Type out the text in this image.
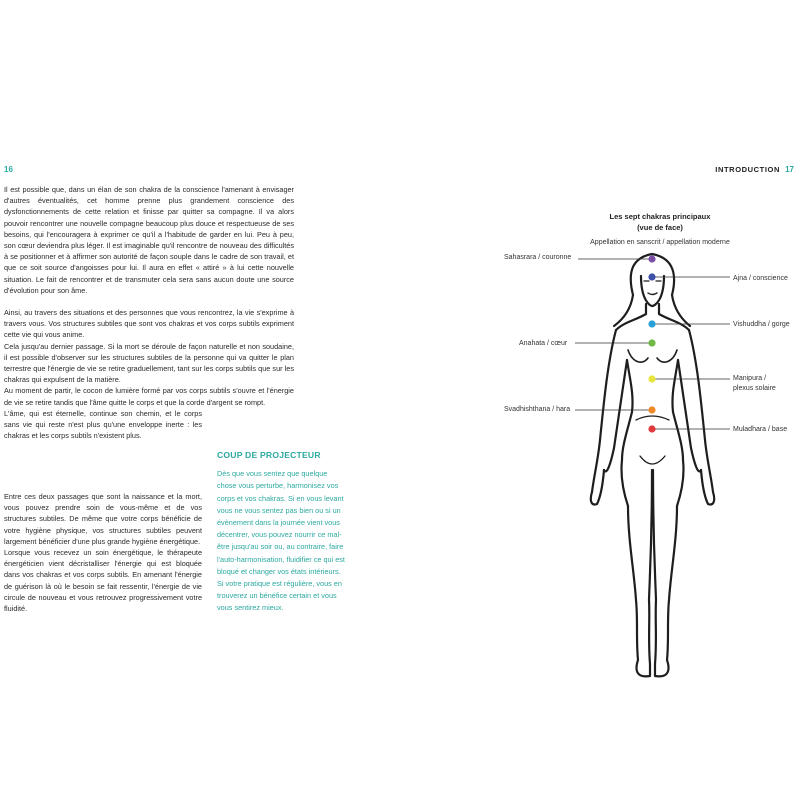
16	INTRODUCTION 17

Il est possible que, dans un élan de son chakra de la conscience l'amenant à envisager d'autres éventualités, cet homme prenne plus grandement conscience des dysfonctionnements de cette relation et finisse par quitter sa compagne. Il va alors pouvoir rencontrer une nouvelle compagne beaucoup plus douce et respectueuse de ses besoins, qui l'encouragera à exprimer ce qu'il a l'habitude de garder en lui. Peu à peu, son cœur deviendra plus léger. Il est imaginable qu'il rencontre de nouveau des difficultés à se positionner et à affirmer son autorité de façon souple dans le cadre de son travail, et que ce soit source d'angoisses pour lui. Il aura en effet « attiré » à lui cette nouvelle situation. Le fait de rencontrer et de transmuter cela sera sans aucun doute une source d'évolution pour son âme.

Ainsi, au travers des situations et des personnes que vous rencontrez, la vie s'exprime à travers vous. Vos structures subtiles que sont vos chakras et vos corps subtils expriment cette vie qui vous anime.

Cela jusqu'au dernier passage. Si la mort se déroule de façon naturelle et non soudaine, il est possible d'observer sur les structures subtiles de la personne qui va quitter le plan terrestre que l'énergie de vie se retire graduellement, tant sur les corps subtils que sur les chakras qui expulsent de la matière.

Au moment de partir, le cocon de lumière formé par vos corps subtils s'ouvre et l'énergie de vie se retire tandis que l'âme quitte le corps et que la corde d'argent se rompt.

L'âme, qui est éternelle, continue son chemin, et le corps sans vie qui reste n'est plus qu'une enveloppe inerte : les chakras et les corps subtils n'existent plus.

Entre ces deux passages que sont la naissance et la mort, vous pouvez prendre soin de vous-même et de vos structures subtiles. De même que votre corps bénéficie de votre hygiène physique, vos structures subtiles peuvent largement bénéficier d'une plus grande hygiène énergétique.

Lorsque vous recevez un soin énergétique, le thérapeute énergéticien vient décristalliser l'énergie qui est bloquée dans vos chakras et vos corps subtils. En amenant l'énergie de guérison là où le besoin se fait ressentir, l'énergie de vie circule de nouveau et vous retrouvez progressivement votre fluidité.

COUP DE PROJECTEUR

Dès que vous sentez que quelque chose vous perturbe, harmonisez vos corps et vos chakras. Si en vous levant vous ne vous sentez pas bien ou si un évènement dans la journée vient vous décentrer, vous pouvez nourrir ce mal-être jusqu'au soir ou, au contraire, faire l'auto-harmonisation, fluidifier ce qui est bloqué et changer vos états intérieurs. Si votre pratique est régulière, vous en trouverez un bénéfice certain et vous vous sentirez mieux.

Les sept chakras principaux
(vue de face)
Appellation en sanscrit / appellation moderne
Sahasrara / couronne
Ajna / conscience
Vishuddha / gorge
Anahata / cœur
Manipura /
plexus solaire
Svadhishthana / hara
Muladhara / base
